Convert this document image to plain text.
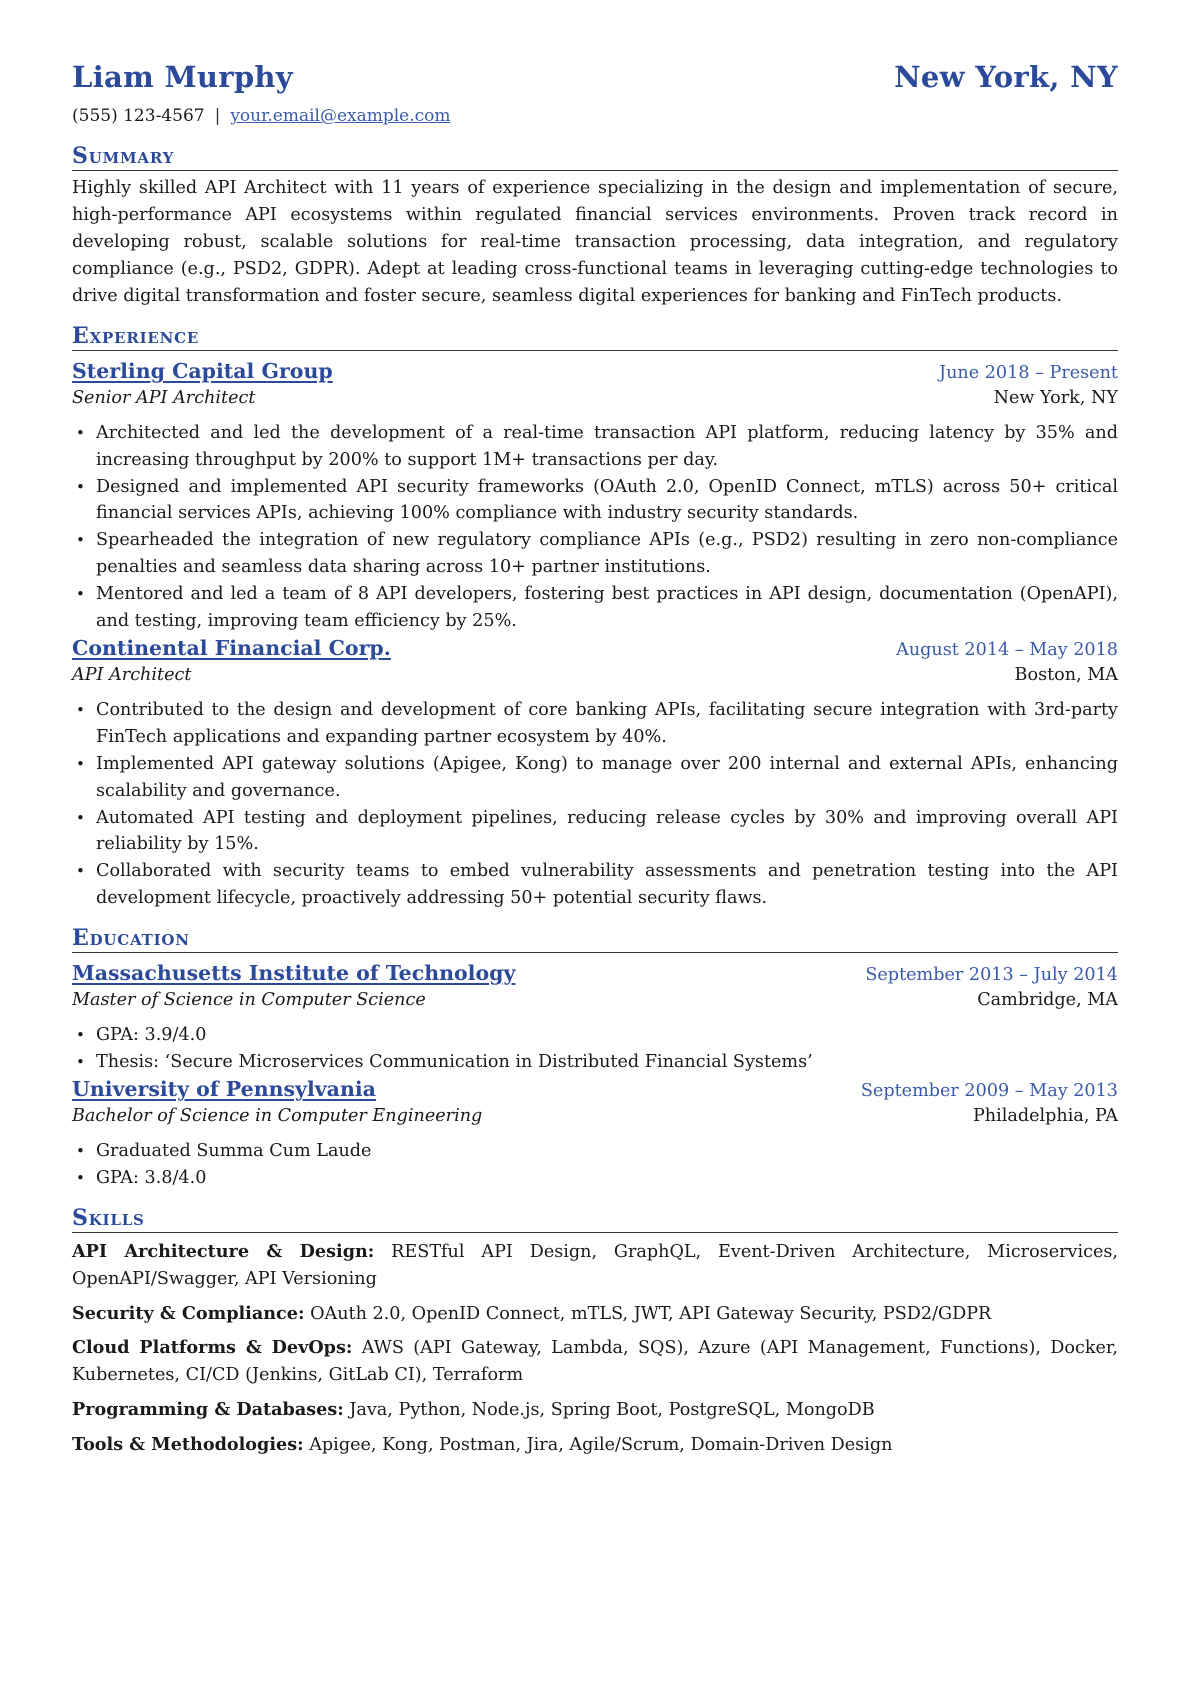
Liam Murphy	New York, NY
(555) 123-4567 | your.email@example.com
Summary
Highly skilled API Architect with 11 years of experience specializing in the design and implementation of secure, high-performance API ecosystems within regulated financial services environments. Proven track record in developing robust, scalable solutions for real-time transaction processing, data integration, and regulatory compliance (e.g., PSD2, GDPR). Adept at leading cross-functional teams in leveraging cutting-edge technologies to drive digital transformation and foster secure, seamless digital experiences for banking and FinTech products.
Experience
Sterling Capital Group	June 2018 – Present
Senior API Architect	New York, NY
• Architected and led the development of a real-time transaction API platform, reducing latency by 35% and increasing throughput by 200% to support 1M+ transactions per day.
• Designed and implemented API security frameworks (OAuth 2.0, OpenID Connect, mTLS) across 50+ critical financial services APIs, achieving 100% compliance with industry security standards.
• Spearheaded the integration of new regulatory compliance APIs (e.g., PSD2) resulting in zero non-compliance penalties and seamless data sharing across 10+ partner institutions.
• Mentored and led a team of 8 API developers, fostering best practices in API design, documentation (OpenAPI), and testing, improving team efficiency by 25%.
Continental Financial Corp.	August 2014 – May 2018
API Architect	Boston, MA
• Contributed to the design and development of core banking APIs, facilitating secure integration with 3rd-party FinTech applications and expanding partner ecosystem by 40%.
• Implemented API gateway solutions (Apigee, Kong) to manage over 200 internal and external APIs, enhancing scalability and governance.
• Automated API testing and deployment pipelines, reducing release cycles by 30% and improving overall API reliability by 15%.
• Collaborated with security teams to embed vulnerability assessments and penetration testing into the API development lifecycle, proactively addressing 50+ potential security flaws.
Education
Massachusetts Institute of Technology	September 2013 – July 2014
Master of Science in Computer Science	Cambridge, MA
• GPA: 3.9/4.0
• Thesis: ‘Secure Microservices Communication in Distributed Financial Systems’
University of Pennsylvania	September 2009 – May 2013
Bachelor of Science in Computer Engineering	Philadelphia, PA
• Graduated Summa Cum Laude
• GPA: 3.8/4.0
Skills
API Architecture & Design: RESTful API Design, GraphQL, Event-Driven Architecture, Microservices, OpenAPI/Swagger, API Versioning
Security & Compliance: OAuth 2.0, OpenID Connect, mTLS, JWT, API Gateway Security, PSD2/GDPR
Cloud Platforms & DevOps: AWS (API Gateway, Lambda, SQS), Azure (API Management, Functions), Docker, Kubernetes, CI/CD (Jenkins, GitLab CI), Terraform
Programming & Databases: Java, Python, Node.js, Spring Boot, PostgreSQL, MongoDB
Tools & Methodologies: Apigee, Kong, Postman, Jira, Agile/Scrum, Domain-Driven Design
